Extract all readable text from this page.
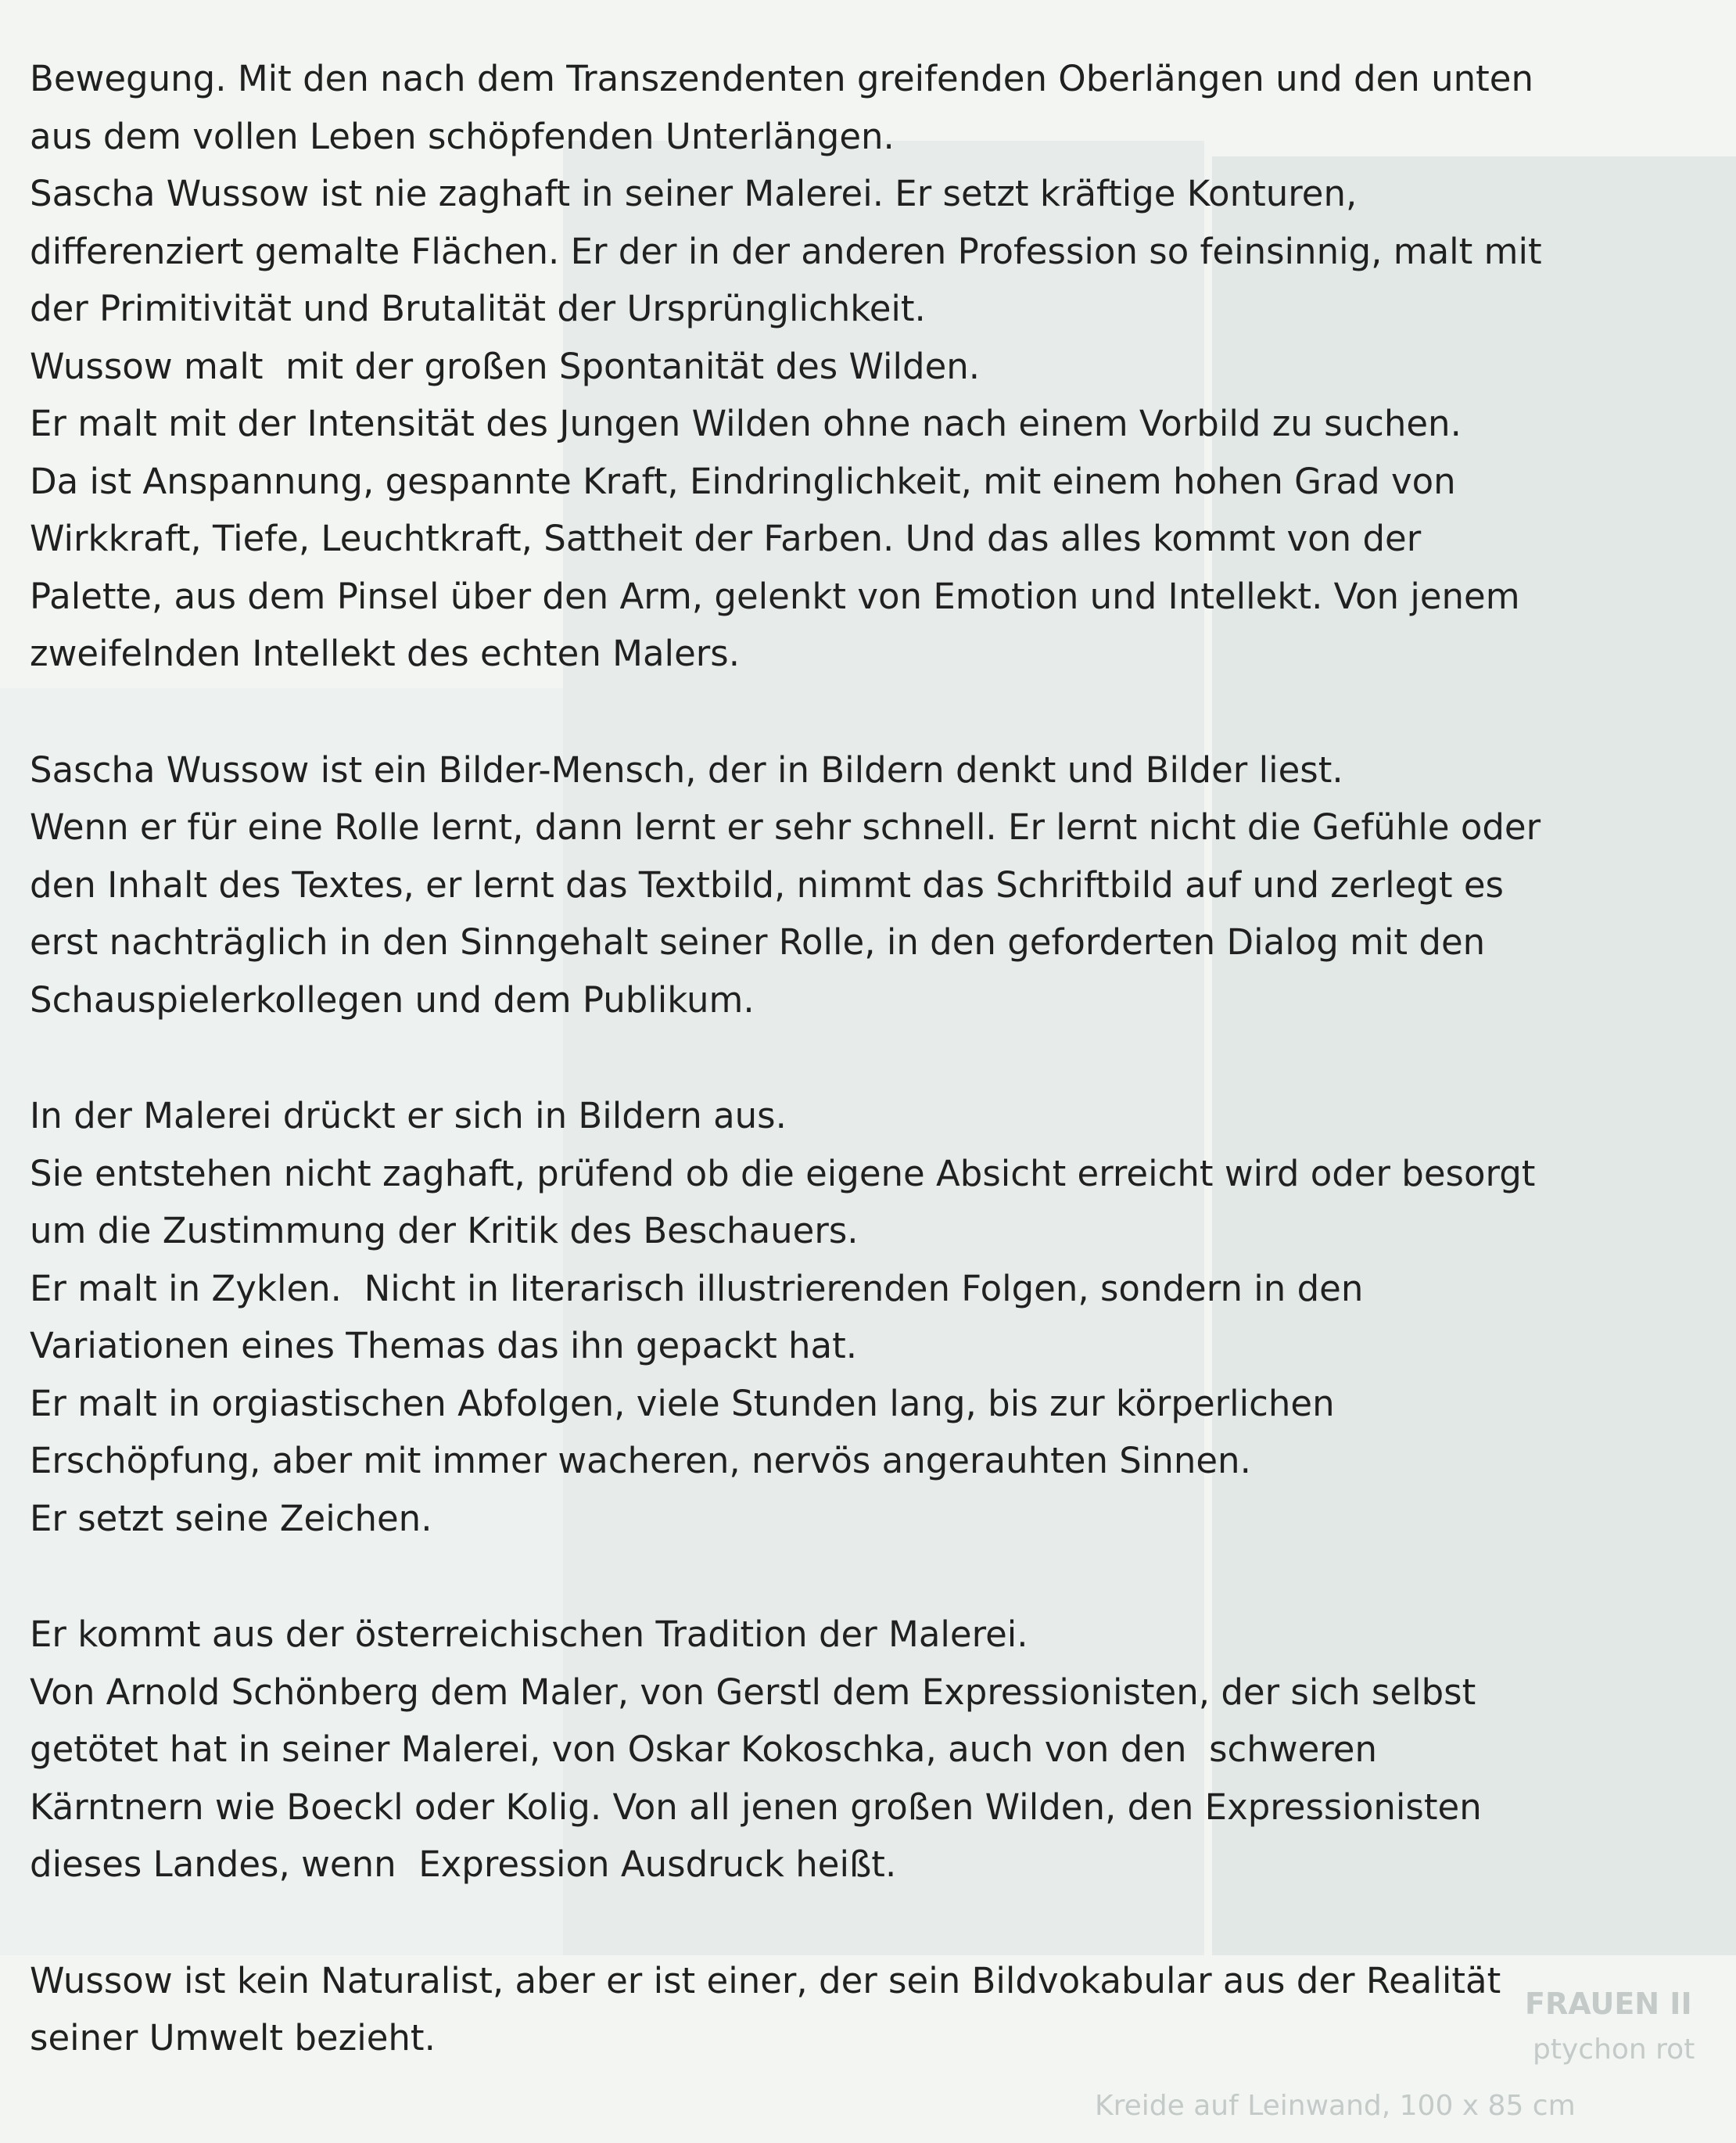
FRAUEN II
ptychon rot
Kreide auf Leinwand, 100 x 85 cm
Bewegung. Mit den nach dem Transzendenten greifenden Oberlängen und den unten
aus dem vollen Leben schöpfenden Unterlängen.
Sascha Wussow ist nie zaghaft in seiner Malerei. Er setzt kräftige Konturen,
differenziert gemalte Flächen. Er der in der anderen Profession so feinsinnig, malt mit
der Primitivität und Brutalität der Ursprünglichkeit.
Wussow malt  mit der großen Spontanität des Wilden.
Er malt mit der Intensität des Jungen Wilden ohne nach einem Vorbild zu suchen.
Da ist Anspannung, gespannte Kraft, Eindringlichkeit, mit einem hohen Grad von
Wirkkraft, Tiefe, Leuchtkraft, Sattheit der Farben. Und das alles kommt von der
Palette, aus dem Pinsel über den Arm, gelenkt von Emotion und Intellekt. Von jenem
zweifelnden Intellekt des echten Malers.
Sascha Wussow ist ein Bilder-Mensch, der in Bildern denkt und Bilder liest.
Wenn er für eine Rolle lernt, dann lernt er sehr schnell. Er lernt nicht die Gefühle oder
den Inhalt des Textes, er lernt das Textbild, nimmt das Schriftbild auf und zerlegt es
erst nachträglich in den Sinngehalt seiner Rolle, in den geforderten Dialog mit den
Schauspielerkollegen und dem Publikum.
In der Malerei drückt er sich in Bildern aus.
Sie entstehen nicht zaghaft, prüfend ob die eigene Absicht erreicht wird oder besorgt
um die Zustimmung der Kritik des Beschauers.
Er malt in Zyklen.  Nicht in literarisch illustrierenden Folgen, sondern in den
Variationen eines Themas das ihn gepackt hat.
Er malt in orgiastischen Abfolgen, viele Stunden lang, bis zur körperlichen
Erschöpfung, aber mit immer wacheren, nervös angerauhten Sinnen.
Er setzt seine Zeichen.
Er kommt aus der österreichischen Tradition der Malerei.
Von Arnold Schönberg dem Maler, von Gerstl dem Expressionisten, der sich selbst
getötet hat in seiner Malerei, von Oskar Kokoschka, auch von den  schweren
Kärntnern wie Boeckl oder Kolig. Von all jenen großen Wilden, den Expressionisten
dieses Landes, wenn  Expression Ausdruck heißt.
Wussow ist kein Naturalist, aber er ist einer, der sein Bildvokabular aus der Realität
seiner Umwelt bezieht.
